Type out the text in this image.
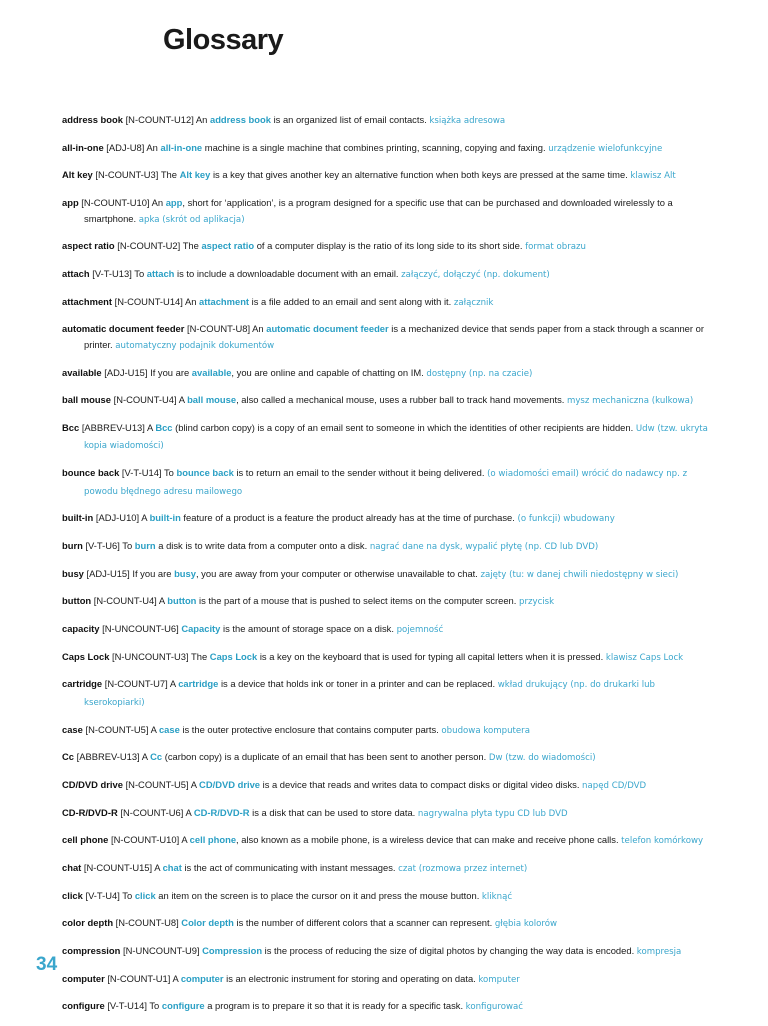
Glossary
address book [N-COUNT-U12] An address book is an organized list of email contacts. książka adresowa
all-in-one [ADJ-U8] An all-in-one machine is a single machine that combines printing, scanning, copying and faxing. urządzenie wielofunkcyjne
Alt key [N-COUNT-U3] The Alt key is a key that gives another key an alternative function when both keys are pressed at the same time. klawisz Alt
app [N-COUNT-U10] An app, short for ‘application’, is a program designed for a specific use that can be purchased and downloaded wirelessly to a smartphone. apka (skrót od aplikacja)
aspect ratio [N-COUNT-U2] The aspect ratio of a computer display is the ratio of its long side to its short side. format obrazu
attach [V-T-U13] To attach is to include a downloadable document with an email. załączyć, dołączyć (np. dokument)
attachment [N-COUNT-U14] An attachment is a file added to an email and sent along with it. załącznik
automatic document feeder [N-COUNT-U8] An automatic document feeder is a mechanized device that sends paper from a stack through a scanner or printer. automatyczny podajnik dokumentów
available [ADJ-U15] If you are available, you are online and capable of chatting on IM. dostępny (np. na czacie)
ball mouse [N-COUNT-U4] A ball mouse, also called a mechanical mouse, uses a rubber ball to track hand movements. mysz mechaniczna (kulkowa)
Bcc [ABBREV-U13] A Bcc (blind carbon copy) is a copy of an email sent to someone in which the identities of other recipients are hidden. Udw (tzw. ukryta kopia wiadomości)
bounce back [V-T-U14] To bounce back is to return an email to the sender without it being delivered. (o wiadomości email) wrócić do nadawcy np. z powodu błędnego adresu mailowego
built-in [ADJ-U10] A built-in feature of a product is a feature the product already has at the time of purchase. (o funkcji) wbudowany
burn [V-T-U6] To burn a disk is to write data from a computer onto a disk. nagrać dane na dysk, wypalić płytę (np. CD lub DVD)
busy [ADJ-U15] If you are busy, you are away from your computer or otherwise unavailable to chat. zajęty (tu: w danej chwili niedostępny w sieci)
button [N-COUNT-U4] A button is the part of a mouse that is pushed to select items on the computer screen. przycisk
capacity [N-UNCOUNT-U6] Capacity is the amount of storage space on a disk. pojemność
Caps Lock [N-UNCOUNT-U3] The Caps Lock is a key on the keyboard that is used for typing all capital letters when it is pressed. klawisz Caps Lock
cartridge [N-COUNT-U7] A cartridge is a device that holds ink or toner in a printer and can be replaced. wkład drukujący (np. do drukarki lub kserokopiarki)
case [N-COUNT-U5] A case is the outer protective enclosure that contains computer parts. obudowa komputera
Cc [ABBREV-U13] A Cc (carbon copy) is a duplicate of an email that has been sent to another person. Dw (tzw. do wiadomości)
CD/DVD drive [N-COUNT-U5] A CD/DVD drive is a device that reads and writes data to compact disks or digital video disks. napęd CD/DVD
CD-R/DVD-R [N-COUNT-U6] A CD-R/DVD-R is a disk that can be used to store data. nagrywalna płyta typu CD lub DVD
cell phone [N-COUNT-U10] A cell phone, also known as a mobile phone, is a wireless device that can make and receive phone calls. telefon komórkowy
chat [N-COUNT-U15] A chat is the act of communicating with instant messages. czat (rozmowa przez internet)
click [V-T-U4] To click an item on the screen is to place the cursor on it and press the mouse button. kliknąć
color depth [N-COUNT-U8] Color depth is the number of different colors that a scanner can represent. głębia kolorów
compression [N-UNCOUNT-U9] Compression is the process of reducing the size of digital photos by changing the way data is encoded. kompresja
computer [N-COUNT-U1] A computer is an electronic instrument for storing and operating on data. komputer
configure [V-T-U14] To configure a program is to prepare it so that it is ready for a specific task. konfigurować
34
